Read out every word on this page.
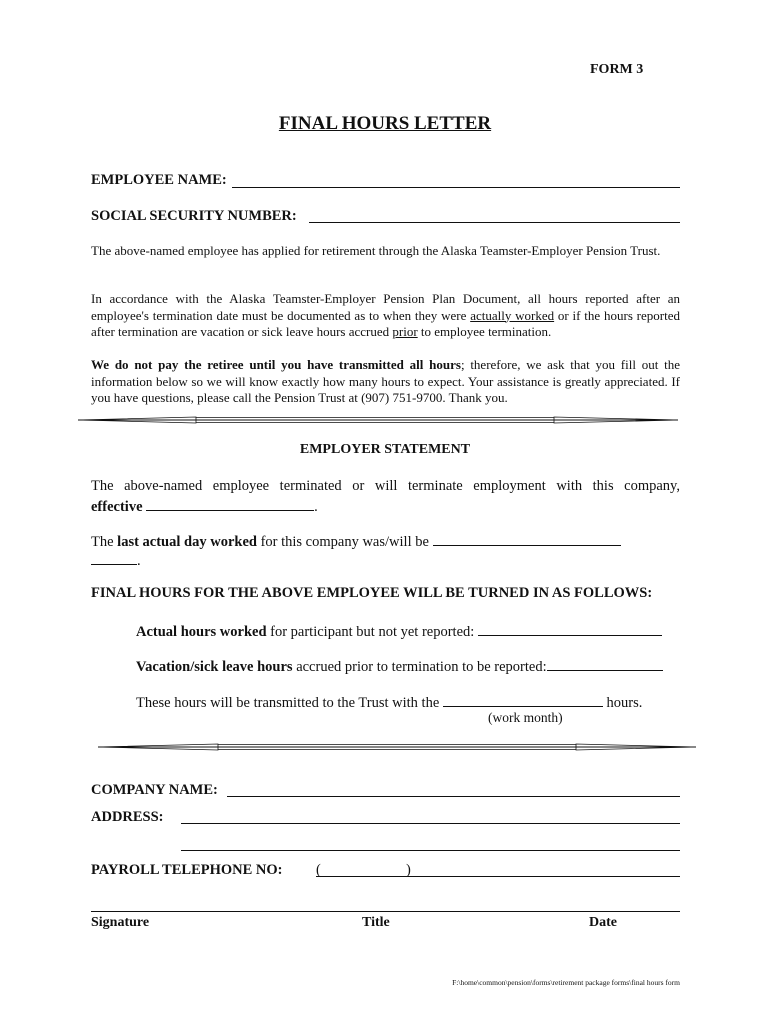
FORM 3
FINAL HOURS LETTER
EMPLOYEE NAME:
SOCIAL SECURITY NUMBER:
The above-named employee has applied for retirement through the Alaska Teamster-Employer Pension Trust.
In accordance with the Alaska Teamster-Employer Pension Plan Document, all hours reported after an employee's termination date must be documented as to when they were actually worked or if the hours reported after termination are vacation or sick leave hours accrued prior to employee termination.
We do not pay the retiree until you have transmitted all hours; therefore, we ask that you fill out the information below so we will know exactly how many hours to expect. Your assistance is greatly appreciated. If you have questions, please call the Pension Trust at (907) 751-9700. Thank you.
EMPLOYER STATEMENT
The above-named employee terminated or will terminate employment with this company,
effective	.
The last actual day worked for this company was/will be
.
FINAL HOURS FOR THE ABOVE EMPLOYEE WILL BE TURNED IN AS FOLLOWS:
Actual hours worked for participant but not yet reported:
Vacation/sick leave hours accrued prior to termination to be reported:
These hours will be transmitted to the Trust with the	hours.
(work month)
COMPANY NAME:
ADDRESS:
PAYROLL TELEPHONE NO: (	)
Signature	Title	Date
F:\home\common\pension\forms\retirement package forms\final hours form
